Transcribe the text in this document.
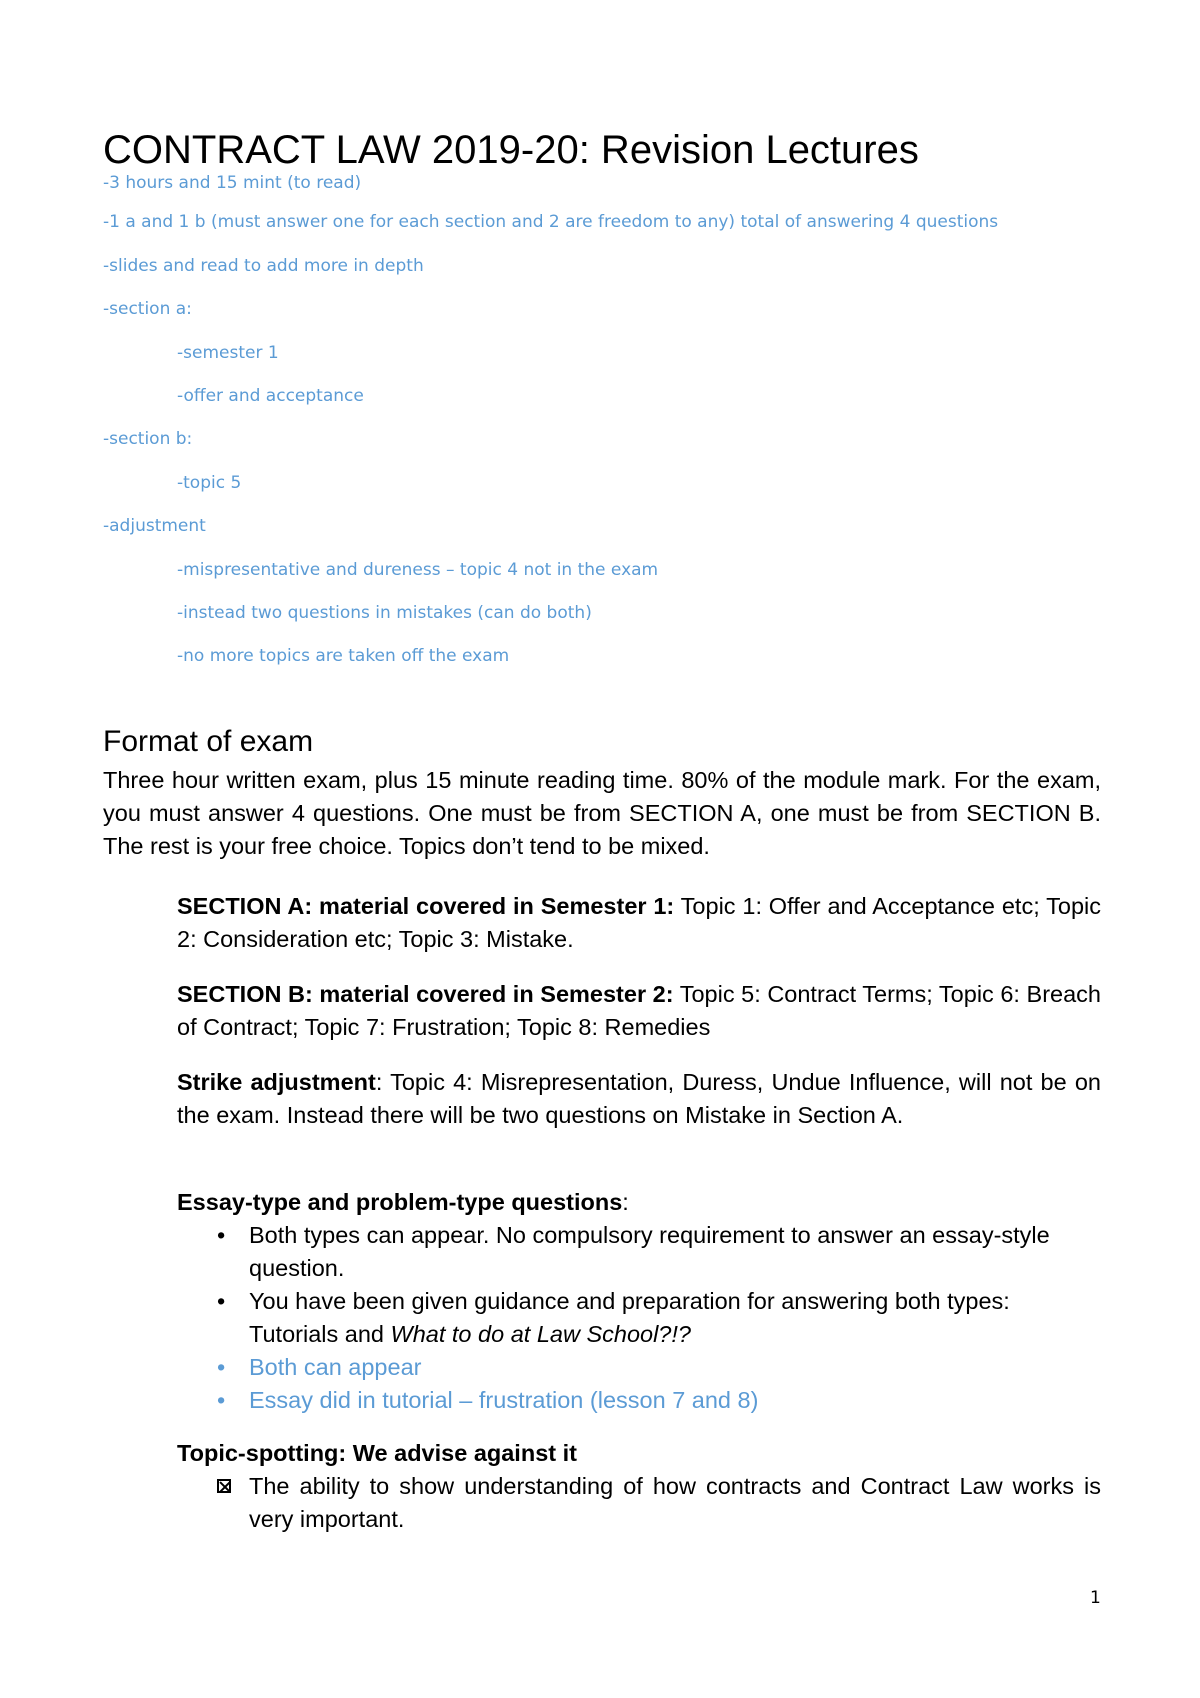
CONTRACT LAW 2019-20: Revision Lectures

-3 hours and 15 mint (to read)

-1 a and 1 b (must answer one for each section and 2 are freedom to any) total of answering 4 questions

-slides and read to add more in depth

-section a:

-semester 1

-offer and acceptance

-section b:

-topic 5

-adjustment

-mispresentative and dureness – topic 4 not in the exam

-instead two questions in mistakes (can do both)

-no more topics are taken off the exam

Format of exam

Three hour written exam, plus 15 minute reading time. 80% of the module mark. For the exam, you must answer 4 questions. One must be from SECTION A, one must be from SECTION B. The rest is your free choice. Topics don’t tend to be mixed.

SECTION A: material covered in Semester 1: Topic 1: Offer and Acceptance etc; Topic 2: Consideration etc; Topic 3: Mistake.

SECTION B: material covered in Semester 2: Topic 5: Contract Terms; Topic 6: Breach of Contract; Topic 7: Frustration; Topic 8: Remedies

Strike adjustment: Topic 4: Misrepresentation, Duress, Undue Influence, will not be on the exam. Instead there will be two questions on Mistake in Section A.

Essay-type and problem-type questions:

• Both types can appear. No compulsory requirement to answer an essay-style question.
• You have been given guidance and preparation for answering both types: Tutorials and What to do at Law School?!?
• Both can appear
• Essay did in tutorial – frustration (lesson 7 and 8)

Topic-spotting: We advise against it

The ability to show understanding of how contracts and Contract Law works is very important.

1
